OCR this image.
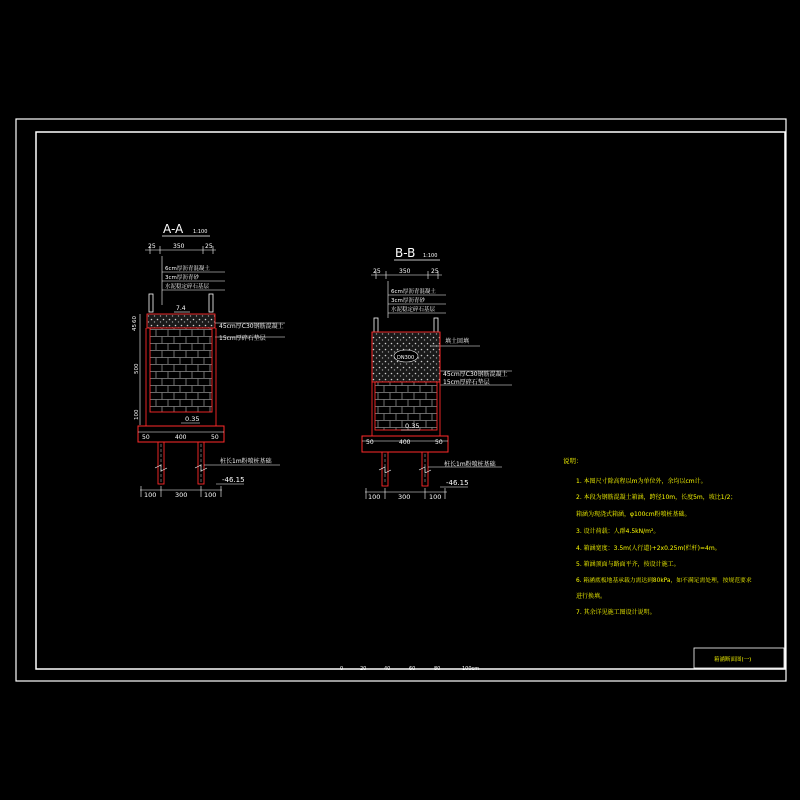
A-A 1:100
25	350	25
6cm厚沥青混凝土
3cm厚沥青砂
水泥稳定碎石基层
7.4
45cm厚C30钢筋混凝土
15cm厚碎石垫层
60
45
500
100	0.35
50	400	50
桩长1m粉喷桩基础
-46.15
100	300	100
B-B 1:100
25	350	25
6cm厚沥青混凝土
3cm厚沥青砂
水泥稳定碎石基层
DN300
填土回填
45cm厚C30钢筋混凝土
15cm厚碎石垫层
0.35
50	400	50
桩长1m粉喷桩基础
-46.15
100	300	100
说明：
1. 本图尺寸除高程以m为单位外，余均以cm计。
2. 本段为钢筋混凝土箱涵，跨径10m，长度5m，坡比1/2；
箱涵为现浇式箱涵，φ100cm粉喷桩基础。
3. 设计荷载：人群4.5kN/m²。
4. 箱涵宽度：3.5m(人行道)+2x0.25m(栏杆)=4m。
5. 箱涵顶面与路面平齐，按设计施工。
6. 箱涵底板地基承载力需达到80kPa，如不满足需处理，按规范要求
进行换填。
7. 其余详见施工图设计说明。
0	20	40	60	80	100cm
箱涵断面图(一)
